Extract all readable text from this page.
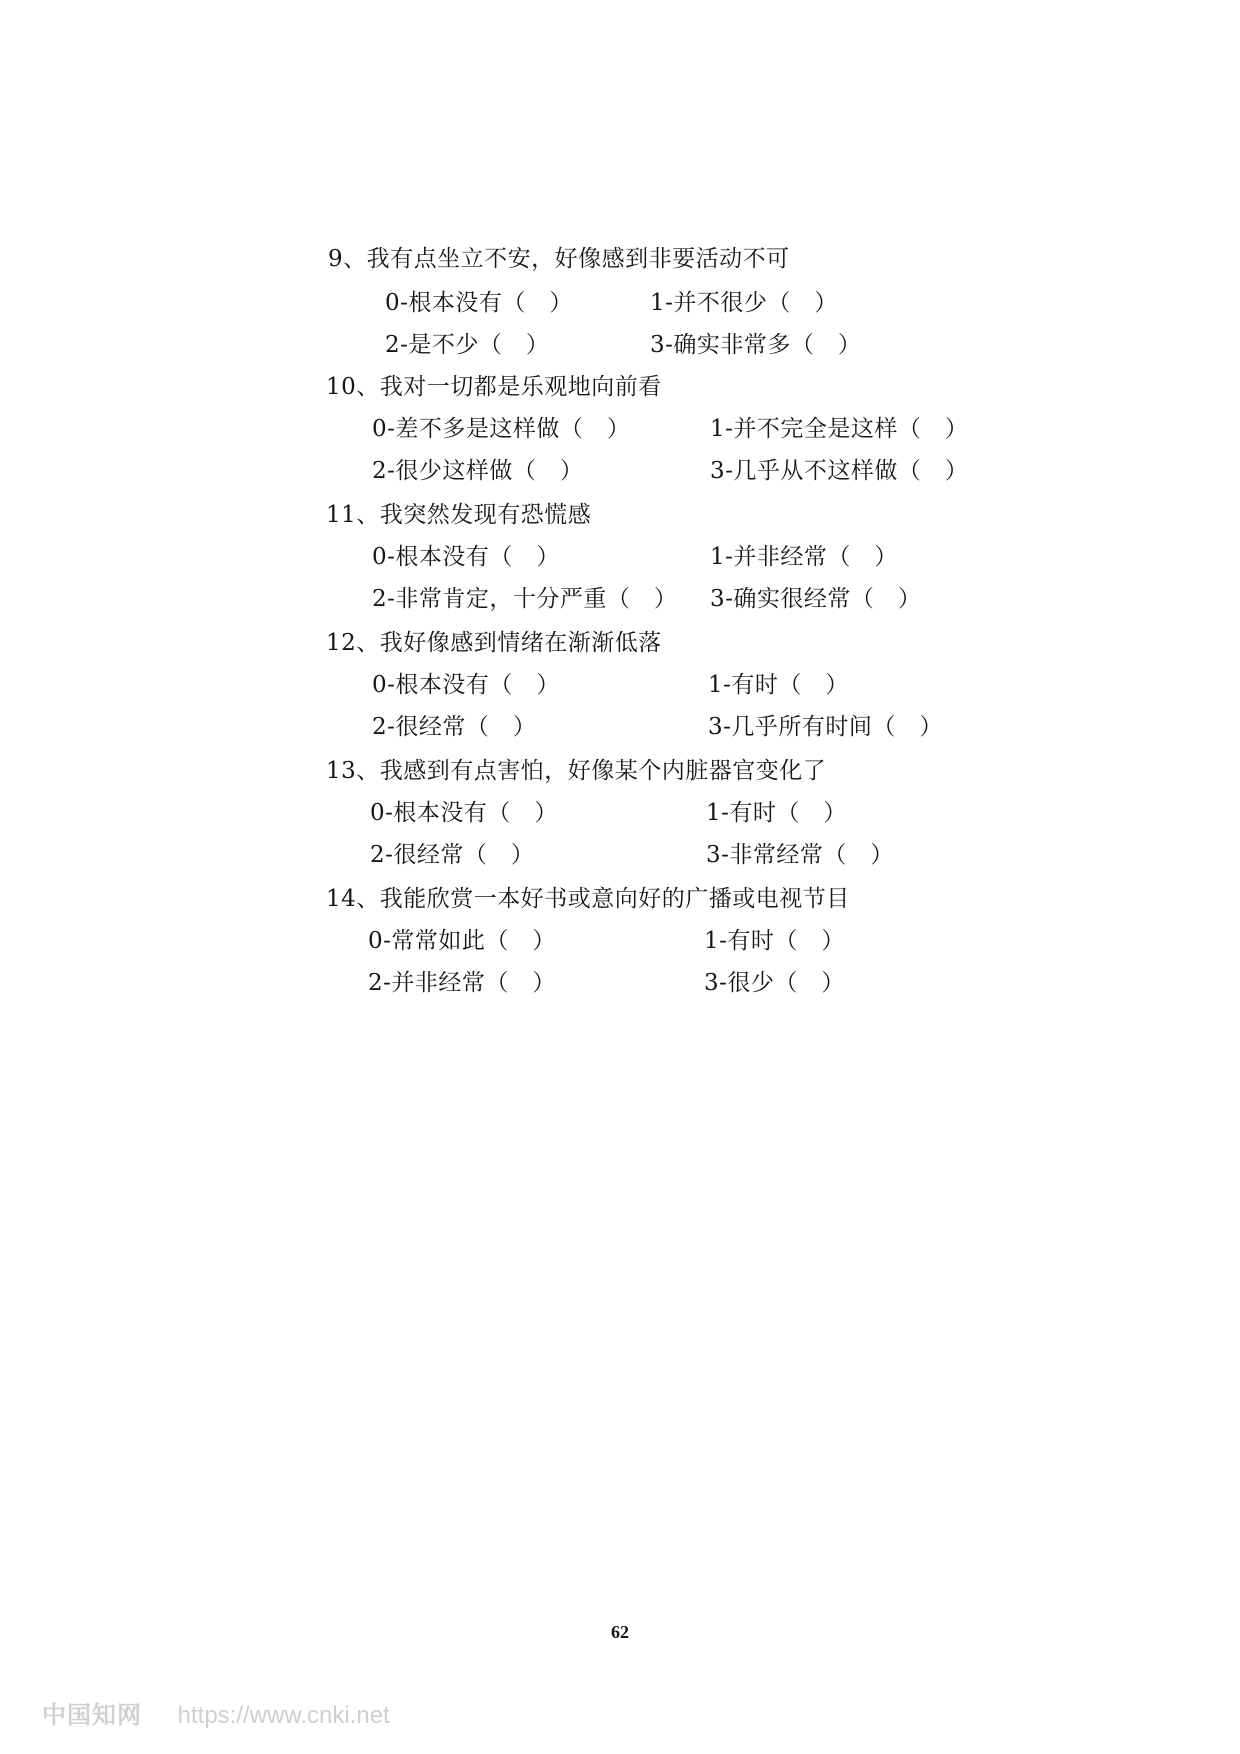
9、我有点坐立不安，好像感到非要活动不可
0-根本没有（　）	1-并不很少（　）
2-是不少（　）	3-确实非常多（　）
10、我对一切都是乐观地向前看
0-差不多是这样做（　）	1-并不完全是这样（　）
2-很少这样做（　）	3-几乎从不这样做（　）
11、我突然发现有恐慌感
0-根本没有（　）	1-并非经常（　）
2-非常肯定，十分严重（　） 3-确实很经常（　）
12、我好像感到情绪在渐渐低落
0-根本没有（　）	1-有时（　）
2-很经常（　）	3-几乎所有时间（　）
13、我感到有点害怕，好像某个内脏器官变化了
0-根本没有（　）	1-有时（　）
2-很经常（　）	3-非常经常（　）
14、我能欣赏一本好书或意向好的广播或电视节目
0-常常如此（　）	1-有时（　）
2-并非经常（　）	3-很少（　）
62
中国知网 https://www.cnki.net
